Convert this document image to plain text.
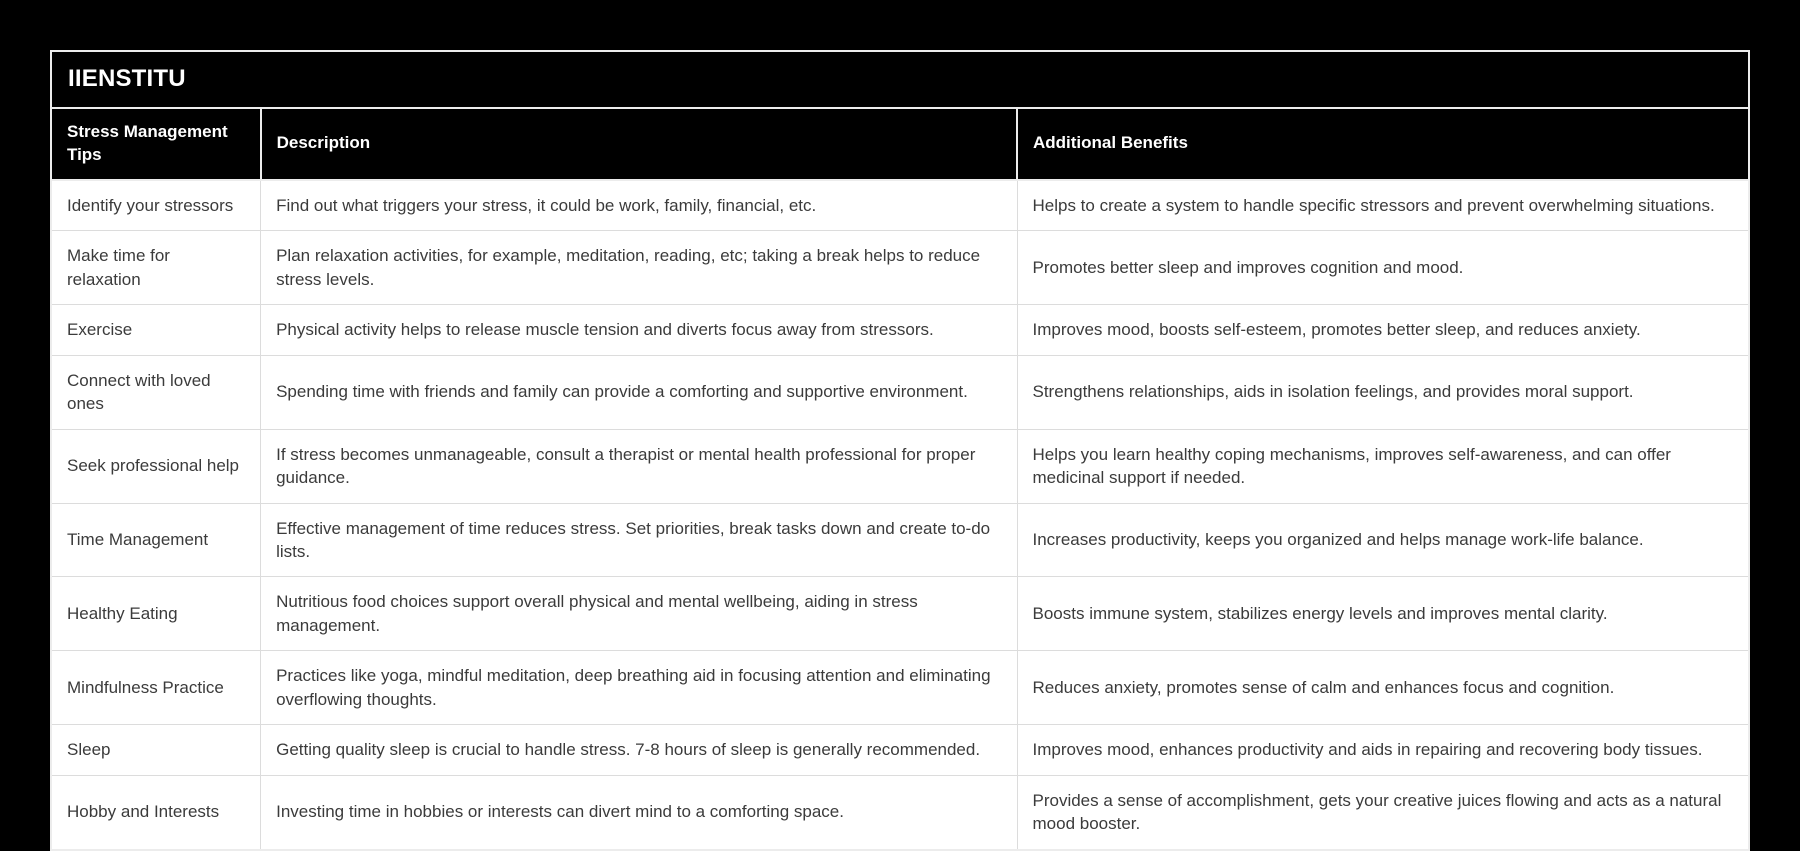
IIENSTITU
Stress Management Tips	Description	Additional Benefits
Identify your stressors	Find out what triggers your stress, it could be work, family, financial, etc.	Helps to create a system to handle specific stressors and prevent overwhelming situations.
Make time for relaxation	Plan relaxation activities, for example, meditation, reading, etc; taking a break helps to reduce stress levels.	Promotes better sleep and improves cognition and mood.
Exercise	Physical activity helps to release muscle tension and diverts focus away from stressors.	Improves mood, boosts self-esteem, promotes better sleep, and reduces anxiety.
Connect with loved ones	Spending time with friends and family can provide a comforting and supportive environment.	Strengthens relationships, aids in isolation feelings, and provides moral support.
Seek professional help	If stress becomes unmanageable, consult a therapist or mental health professional for proper guidance.	Helps you learn healthy coping mechanisms, improves self-awareness, and can offer medicinal support if needed.
Time Management	Effective management of time reduces stress. Set priorities, break tasks down and create to-do lists.	Increases productivity, keeps you organized and helps manage work-life balance.
Healthy Eating	Nutritious food choices support overall physical and mental wellbeing, aiding in stress management.	Boosts immune system, stabilizes energy levels and improves mental clarity.
Mindfulness Practice	Practices like yoga, mindful meditation, deep breathing aid in focusing attention and eliminating overflowing thoughts.	Reduces anxiety, promotes sense of calm and enhances focus and cognition.
Sleep	Getting quality sleep is crucial to handle stress. 7-8 hours of sleep is generally recommended.	Improves mood, enhances productivity and aids in repairing and recovering body tissues.
Hobby and Interests	Investing time in hobbies or interests can divert mind to a comforting space.	Provides a sense of accomplishment, gets your creative juices flowing and acts as a natural mood booster.
